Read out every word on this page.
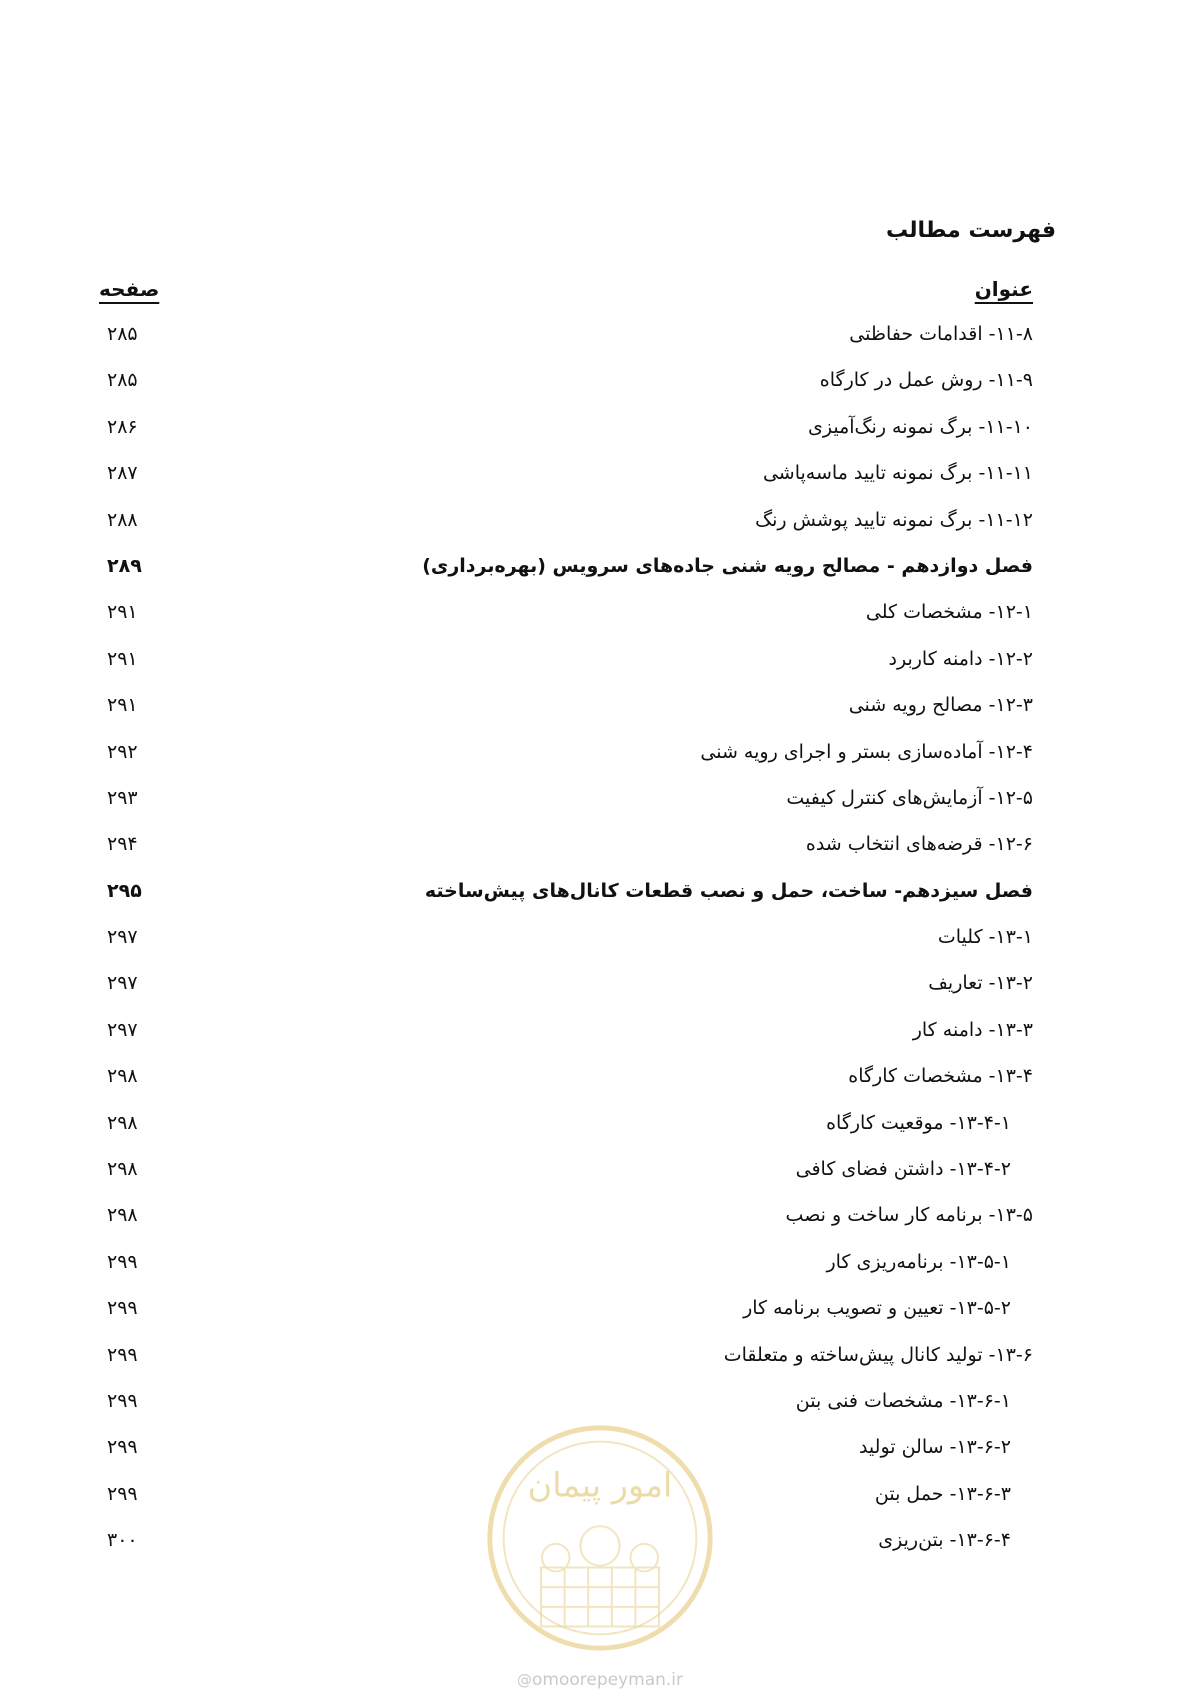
فهرست مطالب
عنوان
صفحه
۱۱-۸- اقدامات حفاظتی
۲۸۵
۱۱-۹- روش عمل در کارگاه
۲۸۵
۱۱-۱۰- برگ نمونه رنگ‌آمیزی
۲۸۶
۱۱-۱۱- برگ نمونه تایید ماسه‌پاشی
۲۸۷
۱۱-۱۲- برگ نمونه تایید پوشش رنگ
۲۸۸
فصل دوازدهم - مصالح رویه شنی جاده‌های سرویس (بهره‌برداری)
۲۸۹
۱۲-۱- مشخصات کلی
۲۹۱
۱۲-۲- دامنه کاربرد
۲۹۱
۱۲-۳- مصالح رویه شنی
۲۹۱
۱۲-۴- آماده‌سازی بستر و اجرای رویه شنی
۲۹۲
۱۲-۵- آزمایش‌های کنترل کیفیت
۲۹۳
۱۲-۶- قرضه‌های انتخاب شده
۲۹۴
فصل سیزدهم- ساخت، حمل و نصب قطعات کانال‌های پیش‌ساخته
۲۹۵
۱۳-۱- کلیات
۲۹۷
۱۳-۲- تعاریف
۲۹۷
۱۳-۳- دامنه کار
۲۹۷
۱۳-۴- مشخصات کارگاه
۲۹۸
۱۳-۴-۱- موقعیت کارگاه
۲۹۸
۱۳-۴-۲- داشتن فضای کافی
۲۹۸
۱۳-۵- برنامه کار ساخت و نصب
۲۹۸
۱۳-۵-۱- برنامه‌ریزی کار
۲۹۹
۱۳-۵-۲- تعیین و تصویب برنامه کار
۲۹۹
۱۳-۶- تولید کانال پیش‌ساخته و متعلقات
۲۹۹
۱۳-۶-۱- مشخصات فنی بتن
۲۹۹
۱۳-۶-۲- سالن تولید
۲۹۹
۱۳-۶-۳- حمل بتن
۲۹۹
۱۳-۶-۴- بتن‌ریزی
۳۰۰
امور پیمان
@omoorepeyman.ir
